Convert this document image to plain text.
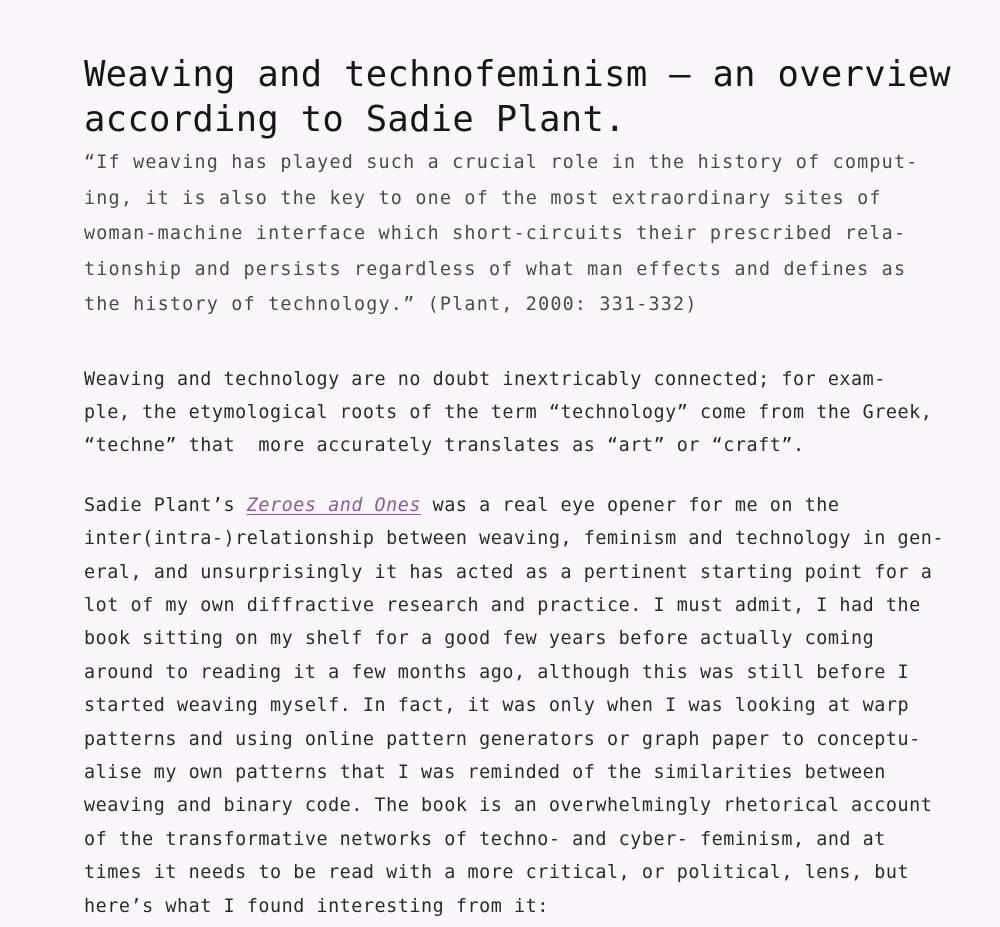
Weaving and technofeminism – an overview
according to Sadie Plant.
“If weaving has played such a crucial role in the history of comput-
ing, it is also the key to one of the most extraordinary sites of
woman-machine interface which short-circuits their prescribed rela-
tionship and persists regardless of what man effects and defines as
the history of technology.” (Plant, 2000: 331-332)

Weaving and technology are no doubt inextricably connected; for exam-
ple, the etymological roots of the term “technology” come from the Greek,
“techne” that  more accurately translates as “art” or “craft”.

Sadie Plant’s Zeroes and Ones was a real eye opener for me on the
inter(intra-)relationship between weaving, feminism and technology in gen-
eral, and unsurprisingly it has acted as a pertinent starting point for a
lot of my own diffractive research and practice. I must admit, I had the
book sitting on my shelf for a good few years before actually coming
around to reading it a few months ago, although this was still before I
started weaving myself. In fact, it was only when I was looking at warp
patterns and using online pattern generators or graph paper to conceptu-
alise my own patterns that I was reminded of the similarities between
weaving and binary code. The book is an overwhelmingly rhetorical account
of the transformative networks of techno- and cyber- feminism, and at
times it needs to be read with a more critical, or political, lens, but
here’s what I found interesting from it:
